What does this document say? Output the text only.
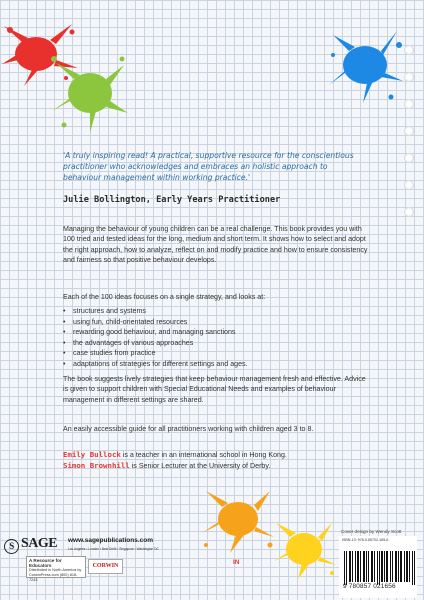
'A truly inspiring read! A practical, supportive resource for the conscientious practitioner who acknowledges and embraces an holistic approach to behaviour management within working practice.'
Julie Bollington, Early Years Practitioner

Managing the behaviour of young children can be a real challenge. This book provides you with 100 tried and tested ideas for the long, medium and short term. It shows how to select and adopt the right approach, how to analyze, reflect on and modify practice and how to ensure consistency and fairness so that positive behaviour develops.

Each of the 100 ideas focuses on a single strategy, and looks at:

• structures and systems
• using fun, child-orientated resources
• rewarding good behaviour, and managing sanctions
• the advantages of various approaches
• case studies from practice
• adaptations of strategies for different settings and ages.

The book suggests lively strategies that keep behaviour management fresh and effective. Advice is given to support children with Special Educational Needs and examples of behaviour management in different settings are shared.

An easily accessible guide for all practitioners working with children aged 3 to 8.

Emily Bullock is a teacher in an international school in Hong Kong.
Simon Brownhill is Senior Lecturer at the University of Derby.
Cover design by Wendy Scott
S SAGE www.sagepublications.com
Los Angeles • London • New Delhi • Singapore • Washington DC
A Resource for Educators
Distributed in North America by
CorwinPress.com (800) 818-7243
CORWIN	IN
ISBN-13: 978-0-85702-165-6
9 780857 021656
